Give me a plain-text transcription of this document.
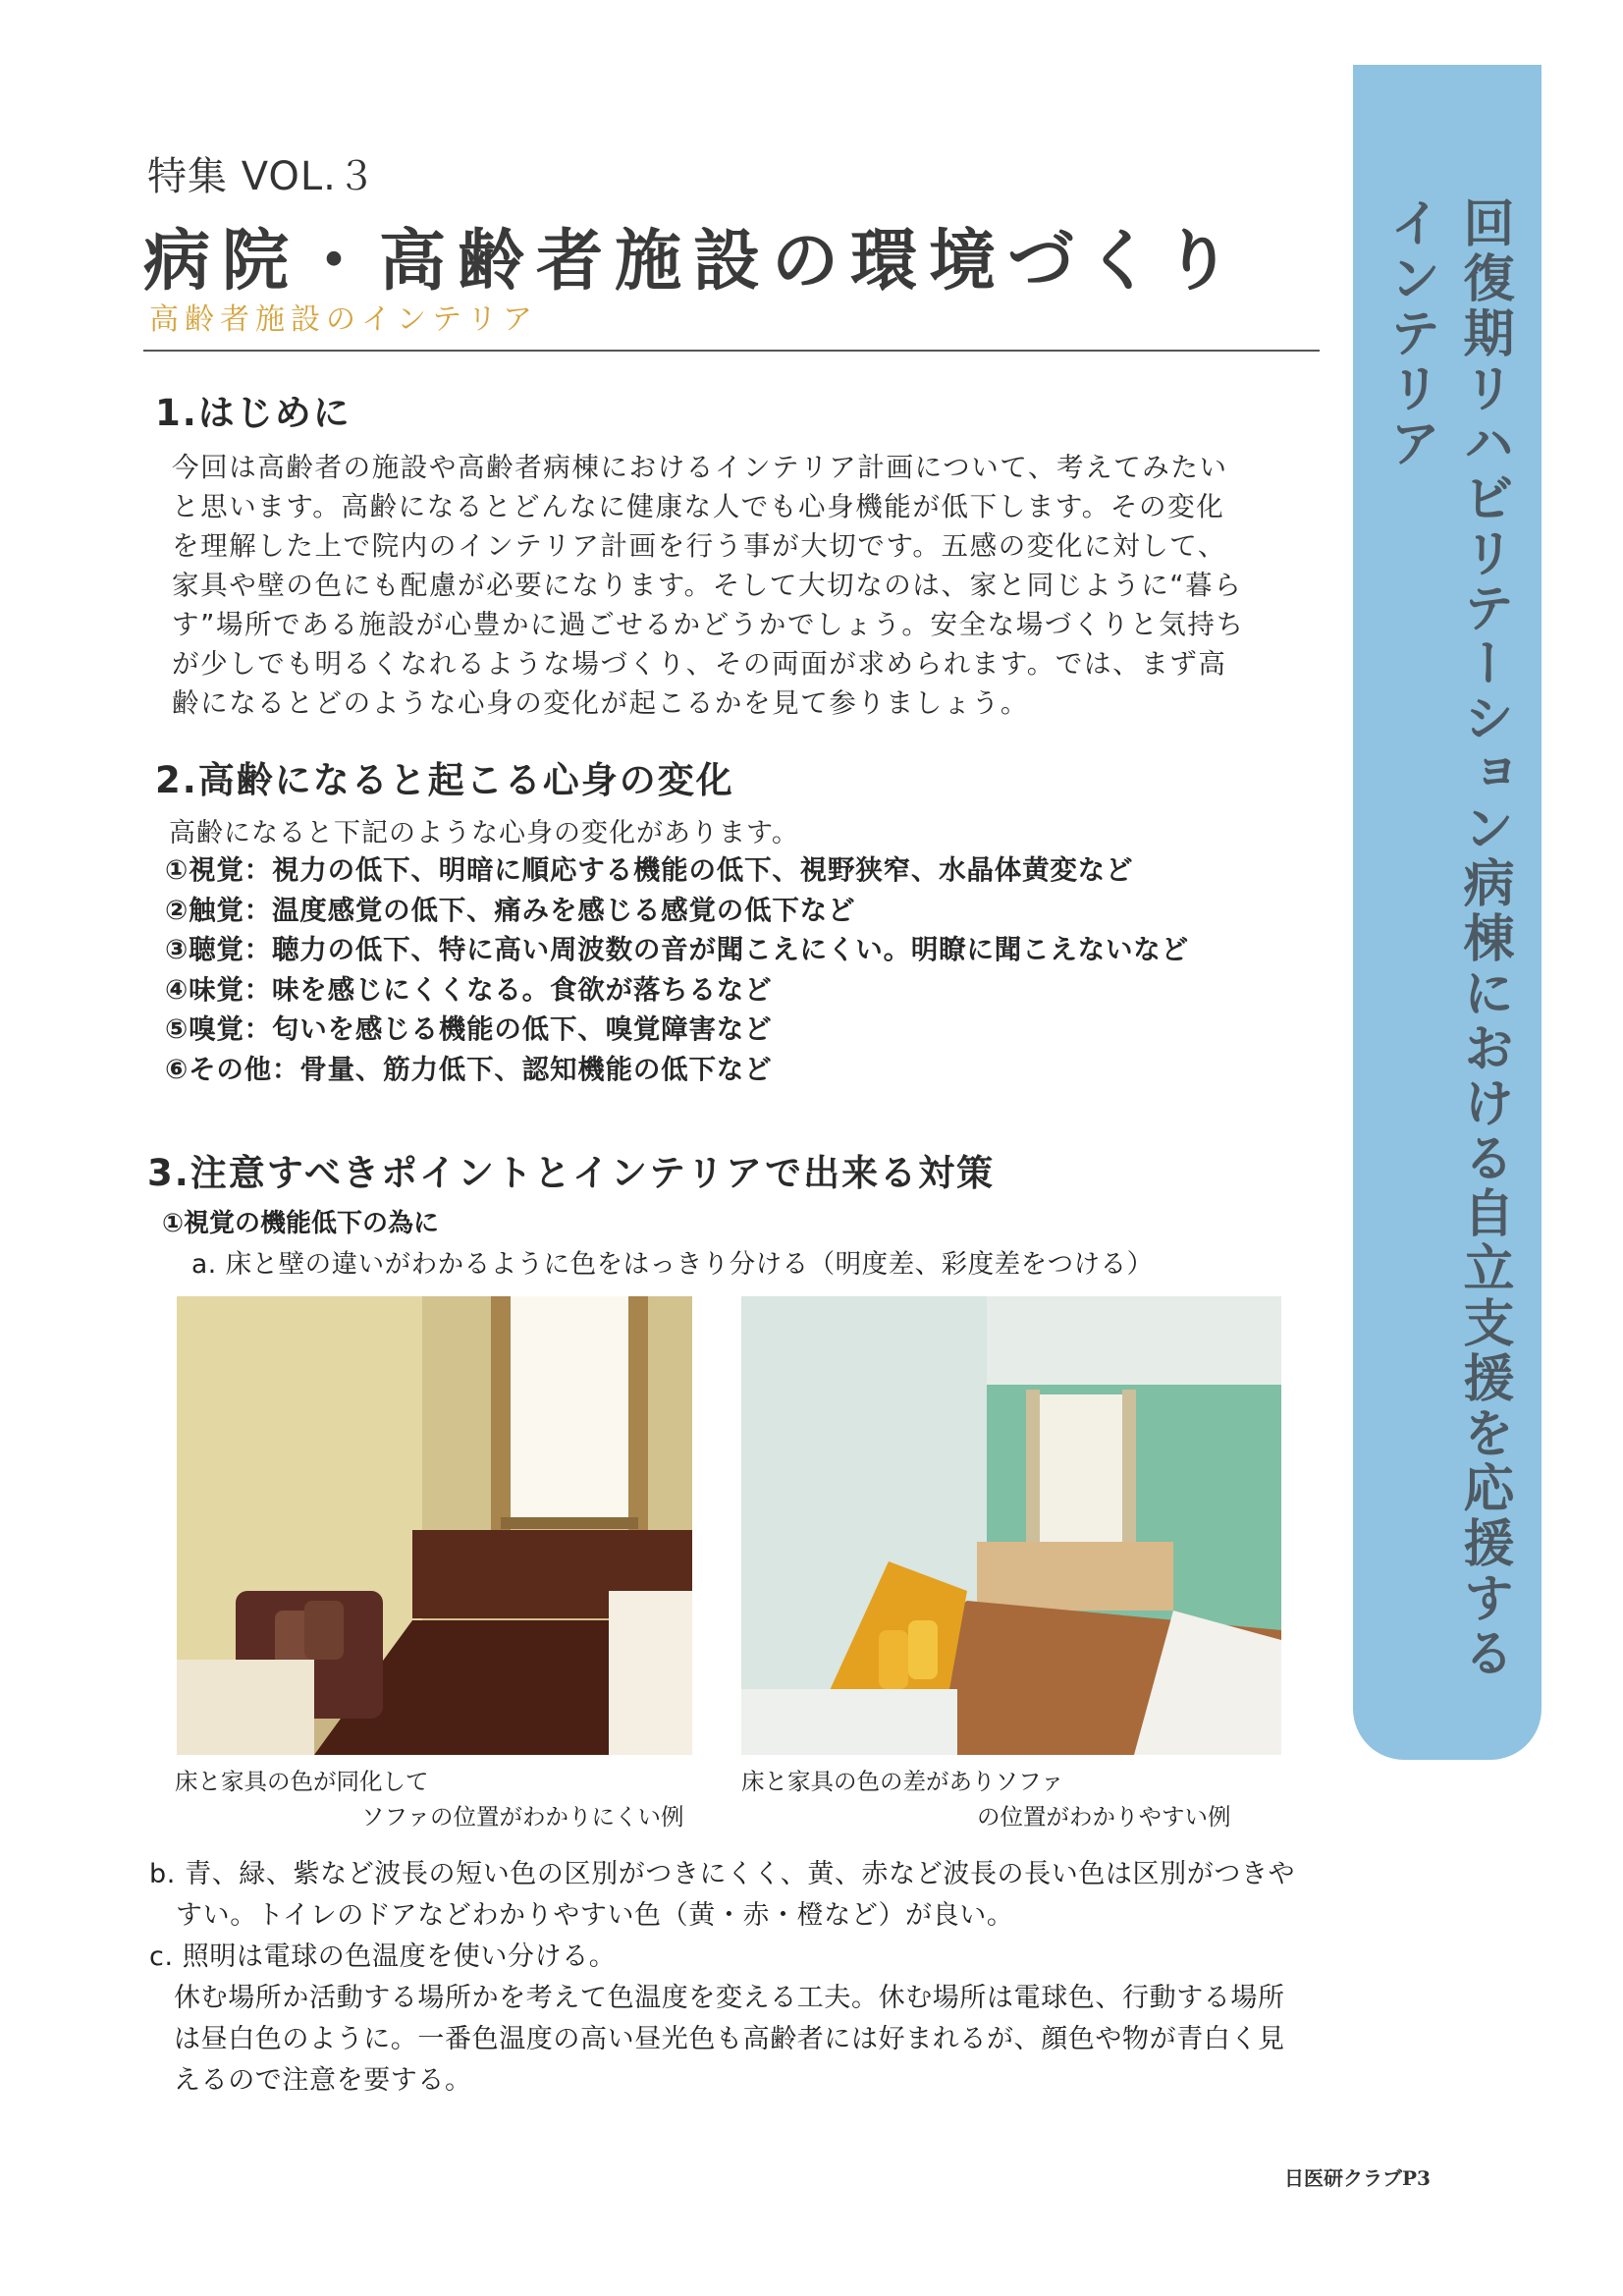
特集 VOL.３
病院・高齢者施設の環境づくり
高齢者施設のインテリア	回復期リハビリテーション病棟における自立支援を応援するインテリア
1.はじめに
今回は高齢者の施設や高齢者病棟におけるインテリア計画について、考えてみたい
と思います。高齢になるとどんなに健康な人でも心身機能が低下します。その変化
を理解した上で院内のインテリア計画を行う事が大切です。五感の変化に対して、
家具や壁の色にも配慮が必要になります。そして大切なのは、家と同じように“暮ら
す”場所である施設が心豊かに過ごせるかどうかでしょう。安全な場づくりと気持ち
が少しでも明るくなれるような場づくり、その両面が求められます。では、まず高
齢になるとどのような心身の変化が起こるかを見て参りましょう。
2.高齢になると起こる心身の変化
高齢になると下記のような心身の変化があります。
①視覚：視力の低下、明暗に順応する機能の低下、視野狭窄、水晶体黄変など
②触覚：温度感覚の低下、痛みを感じる感覚の低下など
③聴覚：聴力の低下、特に高い周波数の音が聞こえにくい。明瞭に聞こえないなど
④味覚：味を感じにくくなる。食欲が落ちるなど
⑤嗅覚：匂いを感じる機能の低下、嗅覚障害など
⑥その他：骨量、筋力低下、認知機能の低下など
3.注意すべきポイントとインテリアで出来る対策
①視覚の機能低下の為に
a. 床と壁の違いがわかるように色をはっきり分ける（明度差、彩度差をつける）
床と家具の色が同化して
ソファの位置がわかりにくい例
床と家具の色の差がありソファ
の位置がわかりやすい例
b. 青、緑、紫など波長の短い色の区別がつきにくく、黄、赤など波長の長い色は区別がつきや
すい。トイレのドアなどわかりやすい色（黄・赤・橙など）が良い。
c. 照明は電球の色温度を使い分ける。
休む場所か活動する場所かを考えて色温度を変える工夫。休む場所は電球色、行動する場所
は昼白色のように。一番色温度の高い昼光色も高齢者には好まれるが、顔色や物が青白く見
えるので注意を要する。
日医研クラブP3
